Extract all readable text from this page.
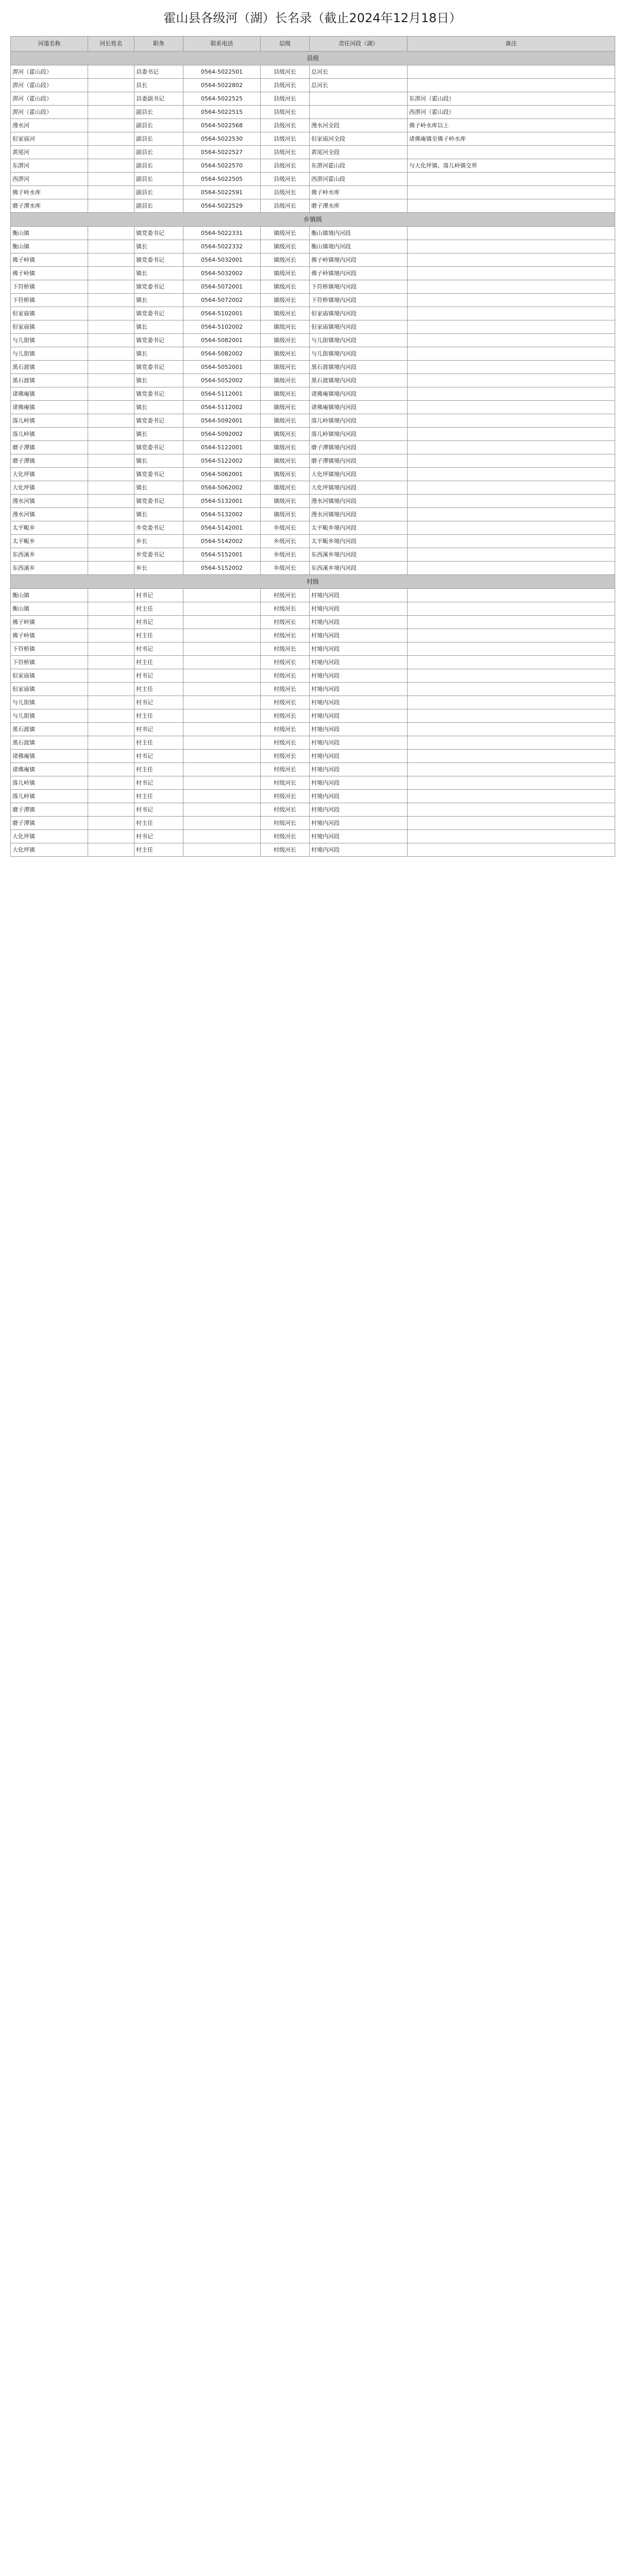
霍山县各级河（湖）长名录（截止2024年12月18日）
河道名称	河长姓名	职务	联系电话	层级	责任河段（湖）	备注
县级						
淠河（霍山段）		县委书记	0564-5022501	县级河长	总河长	
淠河（霍山段）		县长	0564-5022802	县级河长	总河长	
淠河（霍山段）		县委副书记	0564-5022525	县级河长		东淠河（霍山段）
淠河（霍山段）		副县长	0564-5022515	县级河长		西淠河（霍山段）
漫水河		副县长	0564-5022568	县级河长	漫水河全段	佛子岭水库以上
但家庙河		副县长	0564-5022530	县级河长	但家庙河全段	诸佛庵镇至佛子岭水库
黄尾河		副县长	0564-5022527	县级河长	黄尾河全段	
东淠河		副县长	0564-5022570	县级河长	东淠河霍山段	与大化坪镇、落儿岭镇交界
西淠河		副县长	0564-5022505	县级河长	西淠河霍山段	
佛子岭水库		副县长	0564-5022591	县级河长	佛子岭水库	
磨子潭水库		副县长	0564-5022529	县级河长	磨子潭水库	
乡镇级						
衡山镇		镇党委书记	0564-5022331	镇级河长	衡山镇境内河段	
衡山镇		镇长	0564-5022332	镇级河长	衡山镇境内河段	
佛子岭镇		镇党委书记	0564-5032001	镇级河长	佛子岭镇境内河段	
佛子岭镇		镇长	0564-5032002	镇级河长	佛子岭镇境内河段	
下符桥镇		镇党委书记	0564-5072001	镇级河长	下符桥镇境内河段	
下符桥镇		镇长	0564-5072002	镇级河长	下符桥镇境内河段	
但家庙镇		镇党委书记	0564-5102001	镇级河长	但家庙镇境内河段	
但家庙镇		镇长	0564-5102002	镇级河长	但家庙镇境内河段	
与儿街镇		镇党委书记	0564-5082001	镇级河长	与儿街镇境内河段	
与儿街镇		镇长	0564-5082002	镇级河长	与儿街镇境内河段	
黑石渡镇		镇党委书记	0564-5052001	镇级河长	黑石渡镇境内河段	
黑石渡镇		镇长	0564-5052002	镇级河长	黑石渡镇境内河段	
诸佛庵镇		镇党委书记	0564-5112001	镇级河长	诸佛庵镇境内河段	
诸佛庵镇		镇长	0564-5112002	镇级河长	诸佛庵镇境内河段	
落儿岭镇		镇党委书记	0564-5092001	镇级河长	落儿岭镇境内河段	
落儿岭镇		镇长	0564-5092002	镇级河长	落儿岭镇境内河段	
磨子潭镇		镇党委书记	0564-5122001	镇级河长	磨子潭镇境内河段	
磨子潭镇		镇长	0564-5122002	镇级河长	磨子潭镇境内河段	
大化坪镇		镇党委书记	0564-5062001	镇级河长	大化坪镇境内河段	
大化坪镇		镇长	0564-5062002	镇级河长	大化坪镇境内河段	
漫水河镇		镇党委书记	0564-5132001	镇级河长	漫水河镇境内河段	
漫水河镇		镇长	0564-5132002	镇级河长	漫水河镇境内河段	
太平畈乡		乡党委书记	0564-5142001	乡级河长	太平畈乡境内河段	
太平畈乡		乡长	0564-5142002	乡级河长	太平畈乡境内河段	
东西溪乡		乡党委书记	0564-5152001	乡级河长	东西溪乡境内河段	
东西溪乡		乡长	0564-5152002	乡级河长	东西溪乡境内河段	
村级						
衡山镇		村书记		村级河长	村境内河段	
衡山镇		村主任		村级河长	村境内河段	
佛子岭镇		村书记		村级河长	村境内河段	
佛子岭镇		村主任		村级河长	村境内河段	
下符桥镇		村书记		村级河长	村境内河段	
下符桥镇		村主任		村级河长	村境内河段	
但家庙镇		村书记		村级河长	村境内河段	
但家庙镇		村主任		村级河长	村境内河段	
与儿街镇		村书记		村级河长	村境内河段	
与儿街镇		村主任		村级河长	村境内河段	
黑石渡镇		村书记		村级河长	村境内河段	
黑石渡镇		村主任		村级河长	村境内河段	
诸佛庵镇		村书记		村级河长	村境内河段	
诸佛庵镇		村主任		村级河长	村境内河段	
落儿岭镇		村书记		村级河长	村境内河段	
落儿岭镇		村主任		村级河长	村境内河段	
磨子潭镇		村书记		村级河长	村境内河段	
磨子潭镇		村主任		村级河长	村境内河段	
大化坪镇		村书记		村级河长	村境内河段	
大化坪镇		村主任		村级河长	村境内河段	
